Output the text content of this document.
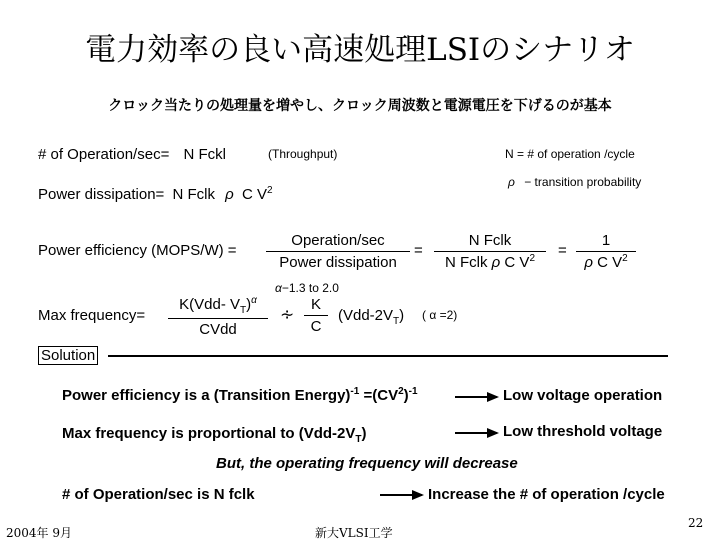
電力効率の良い高速処理LSIのシナリオ
クロック当たりの処理量を増やし、クロック周波数と電源電圧を下げるのが基本
# of Operation/sec= N Fckl	(Throughput)	N = # of operation /cycle
ρ − transition probability
Power dissipation= N Fclk ρ C $V^2$
Power efficiency (MOPS/W) =
Operation/sec
Power dissipation
=
N Fclk
N Fclk ρ C $V^2$	=
1
ρ C $V^2$
α−1.3 to 2.0
Max frequency=
K(Vdd- $V_T)^\alpha$
CVdd
∻
K
C
$(Vdd-2V_T)$ ( α =2)
Solution
Power efficiency is a (Transition Energy)$^{-1}$ $=(CV^2)^{-1}$	Low voltage operation
Max frequency is proportional to $(Vdd-2V_T)$	Low threshold voltage
But, the operating frequency will decrease
# of Operation/sec is N fclk	Increase the # of operation /cycle
2004年 9月	新大VLSI工学
22
